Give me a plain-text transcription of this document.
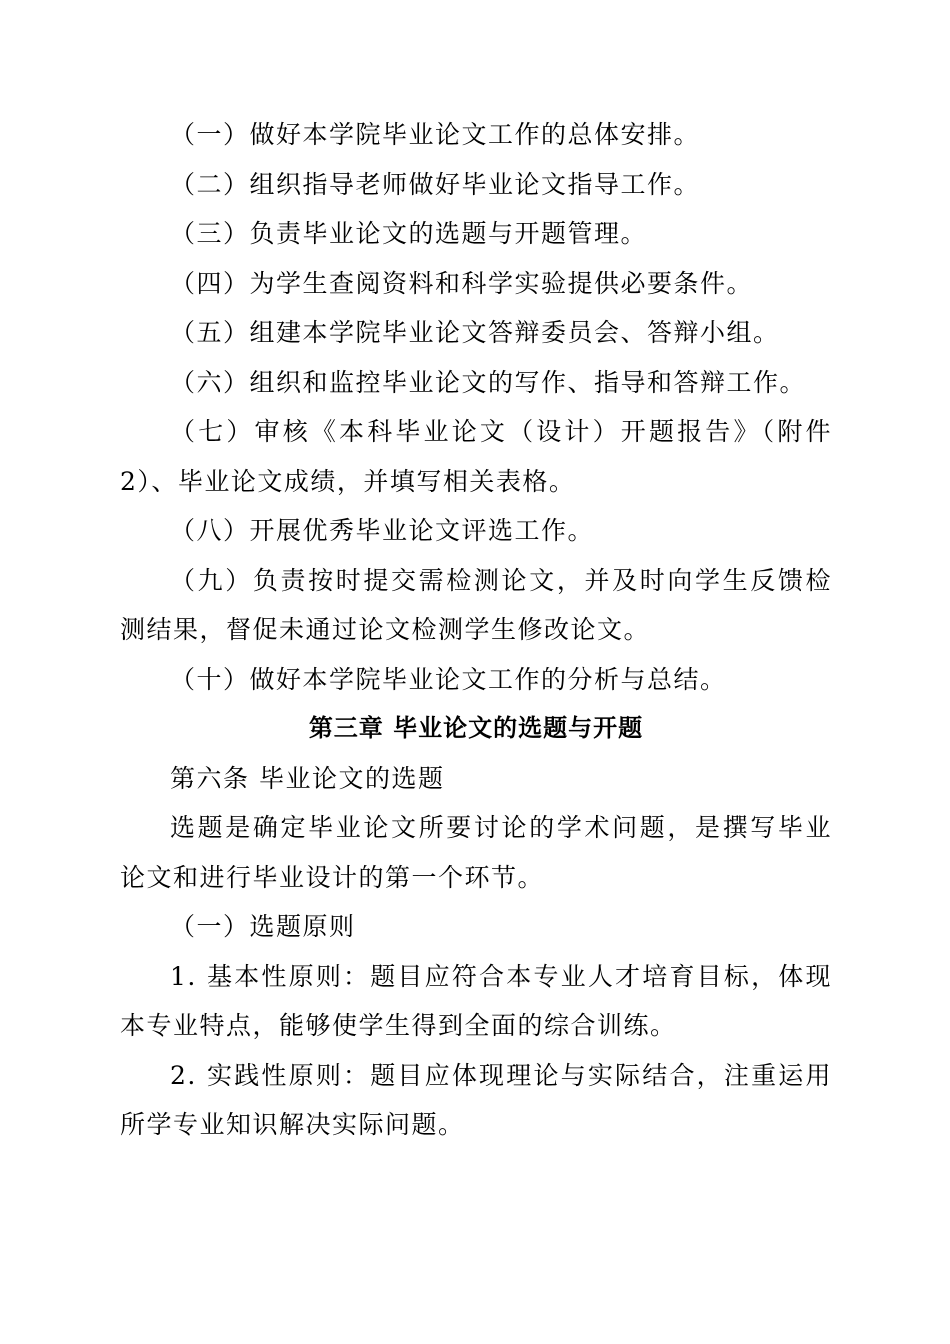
（一）做好本学院毕业论文工作的总体安排。

（二）组织指导老师做好毕业论文指导工作。

（三）负责毕业论文的选题与开题管理。

（四）为学生查阅资料和科学实验提供必要条件。

（五）组建本学院毕业论文答辩委员会、答辩小组。

（六）组织和监控毕业论文的写作、指导和答辩工作。

（七）审核《本科毕业论文（设计）开题报告》（附件2）、毕业论文成绩，并填写相关表格。

（八）开展优秀毕业论文评选工作。

（九）负责按时提交需检测论文，并及时向学生反馈检测结果，督促未通过论文检测学生修改论文。

（十）做好本学院毕业论文工作的分析与总结。

第三章 毕业论文的选题与开题

第六条 毕业论文的选题

选题是确定毕业论文所要讨论的学术问题，是撰写毕业论文和进行毕业设计的第一个环节。

（一）选题原则

1. 基本性原则：题目应符合本专业人才培育目标，体现本专业特点，能够使学生得到全面的综合训练。

2. 实践性原则：题目应体现理论与实际结合，注重运用所学专业知识解决实际问题。
